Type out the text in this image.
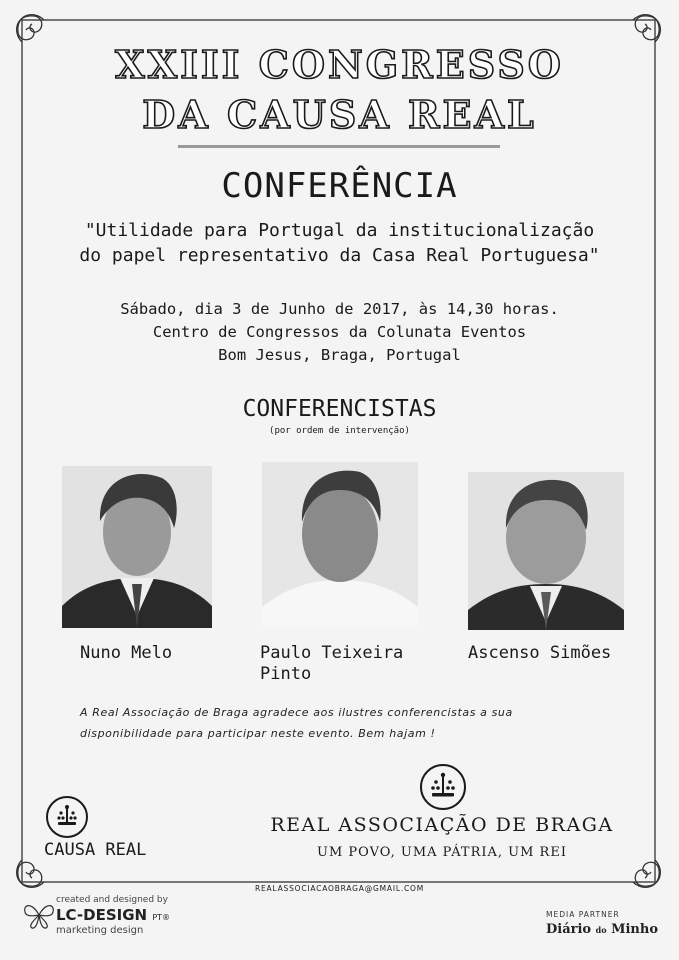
XXIII CONGRESSO
DA CAUSA REAL
CONFERÊNCIA
"Utilidade para Portugal da institucionalização
do papel representativo da Casa Real Portuguesa"
Sábado, dia 3 de Junho de 2017, às 14,30 horas.
Centro de Congressos da Colunata Eventos
Bom Jesus, Braga, Portugal
CONFERENCISTAS
(por ordem de intervenção)
Nuno Melo	Paulo Teixeira
Pinto
Ascenso Simões
A Real Associação de Braga agradece aos ilustres conferencistas a sua
disponibilidade para participar neste evento. Bem hajam !
CAUSA REAL
REAL ASSOCIAÇÃO DE BRAGA
UM POVO, UMA PÁTRIA, UM REI
REALASSOCIACAOBRAGA@GMAIL.COM
created and designed by
LC-DESIGN PT®
marketing design
MEDIA PARTNER
Diário do Minho
